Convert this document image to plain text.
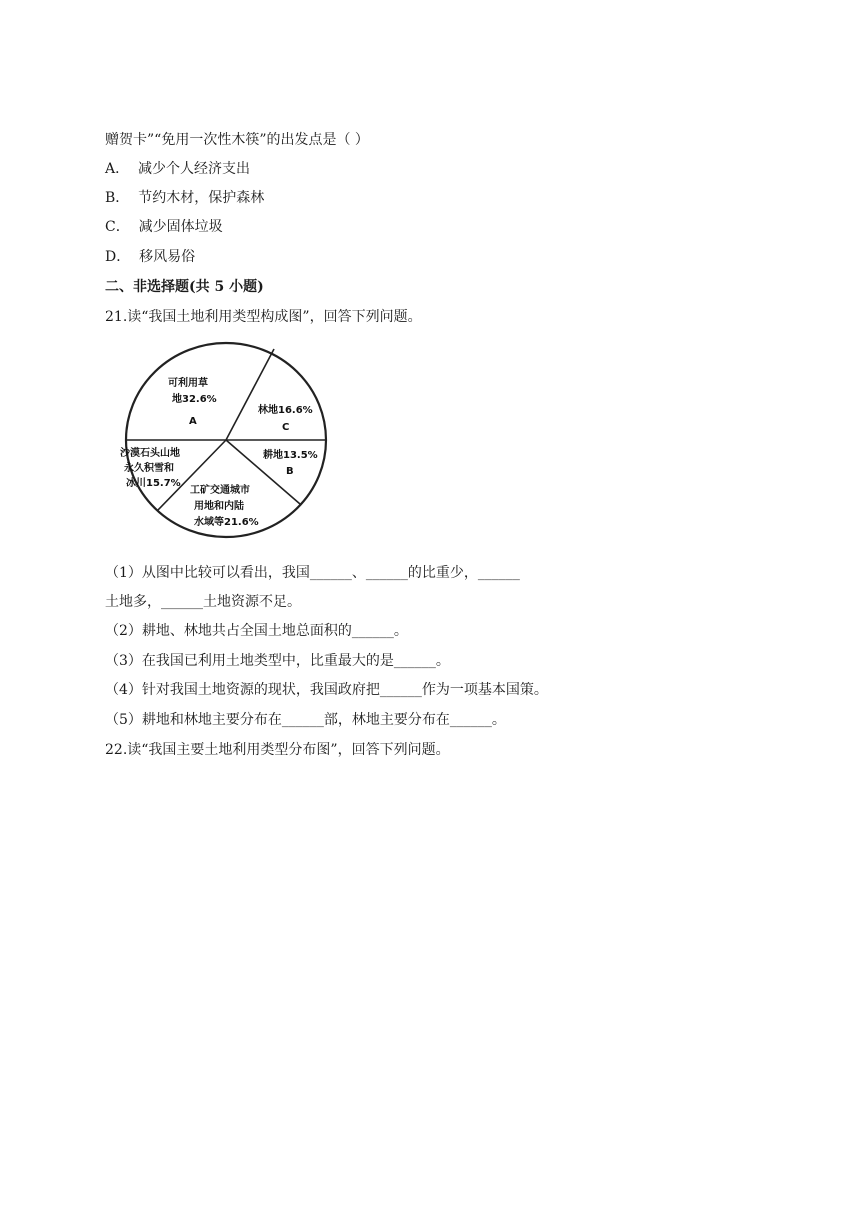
赠贺卡”“免用一次性木筷”的出发点是（ ）
A． 减少个人经济支出
B． 节约木材，保护森林
C． 减少固体垃圾
D． 移风易俗
二、非选择题(共 5 小题)
21.读“我国土地利用类型构成图”，回答下列问题。
可利用草
地32.6%
A
林地16.6%
C
耕地13.5%
B
工矿交通城市
用地和内陆
水域等21.6%
沙漠石头山地
永久积雪和
冰川15.7%
（1）从图中比较可以看出，我国______、______的比重少，______
土地多，______土地资源不足。
（2）耕地、林地共占全国土地总面积的______。
（3）在我国已利用土地类型中，比重最大的是______。
（4）针对我国土地资源的现状，我国政府把______作为一项基本国策。
（5）耕地和林地主要分布在______部，林地主要分布在______。
22.读“我国主要土地利用类型分布图”，回答下列问题。
